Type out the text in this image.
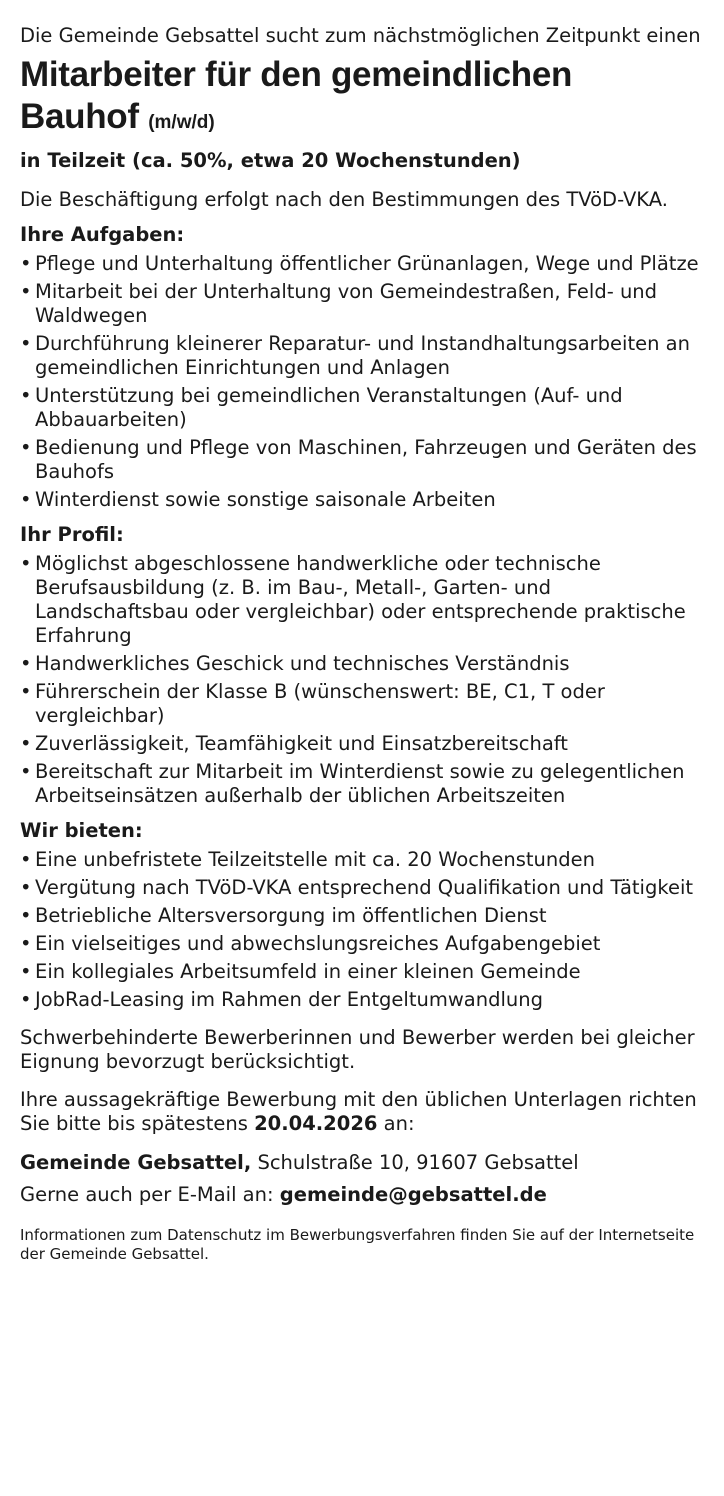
Die Gemeinde Gebsattel sucht zum nächstmöglichen Zeitpunkt einen

Mitarbeiter für den gemeindlichen
Bauhof (m/w/d)

in Teilzeit (ca. 50%, etwa 20 Wochenstunden)

Die Beschäftigung erfolgt nach den Bestimmungen des TVöD-VKA.

Ihre Aufgaben:
• Pflege und Unterhaltung öffentlicher Grünanlagen, Wege und Plätze
• Mitarbeit bei der Unterhaltung von Gemeindestraßen, Feld- und Waldwegen
• Durchführung kleinerer Reparatur- und Instandhaltungsarbeiten an gemeindlichen Einrichtungen und Anlagen
• Unterstützung bei gemeindlichen Veranstaltungen (Auf- und Abbauarbeiten)
• Bedienung und Pflege von Maschinen, Fahrzeugen und Geräten des Bauhofs
• Winterdienst sowie sonstige saisonale Arbeiten
Ihr Profil:
• Möglichst abgeschlossene handwerkliche oder technische Berufsausbildung (z. B. im Bau-, Metall-, Garten- und Landschaftsbau oder vergleichbar) oder entsprechende praktische Erfahrung
• Handwerkliches Geschick und technisches Verständnis
• Führerschein der Klasse B (wünschenswert: BE, C1, T oder vergleichbar)
• Zuverlässigkeit, Teamfähigkeit und Einsatzbereitschaft
• Bereitschaft zur Mitarbeit im Winterdienst sowie zu gelegentlichen Arbeitseinsätzen außerhalb der üblichen Arbeitszeiten
Wir bieten:
• Eine unbefristete Teilzeitstelle mit ca. 20 Wochenstunden
• Vergütung nach TVöD-VKA entsprechend Qualifikation und Tätigkeit
• Betriebliche Altersversorgung im öffentlichen Dienst
• Ein vielseitiges und abwechslungsreiches Aufgabengebiet
• Ein kollegiales Arbeitsumfeld in einer kleinen Gemeinde
• JobRad-Leasing im Rahmen der Entgeltumwandlung

Schwerbehinderte Bewerberinnen und Bewerber werden bei gleicher Eignung bevorzugt berücksichtigt.

Ihre aussagekräftige Bewerbung mit den üblichen Unterlagen richten Sie bitte bis spätestens 20.04.2026 an:

Gemeinde Gebsattel, Schulstraße 10, 91607 Gebsattel

Gerne auch per E-Mail an: gemeinde@gebsattel.de

Informationen zum Datenschutz im Bewerbungsverfahren finden Sie auf der Internetseite der Gemeinde Gebsattel.
